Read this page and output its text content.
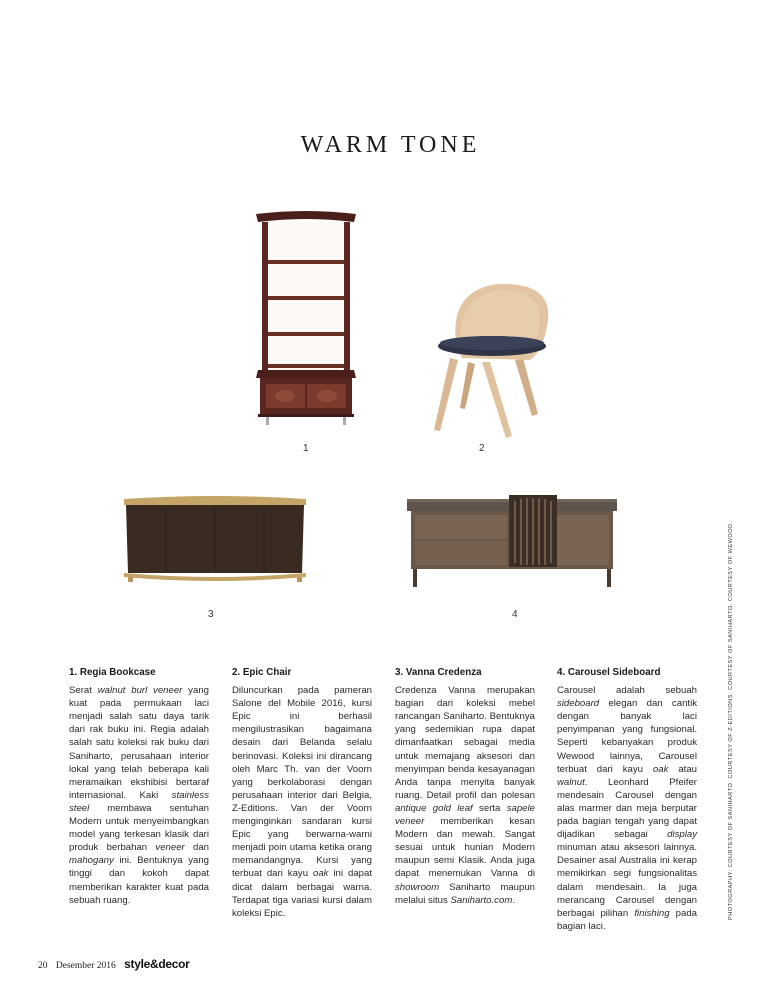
WARM TONE
1	2
3	4
1. Regia Bookcase

Serat walnut burl veneer yang kuat pada permukaan laci menjadi salah satu daya tarik dari rak buku ini. Regia adalah salah satu koleksi rak buku dari Saniharto, perusahaan interior lokal yang telah beberapa kali meramaikan ekshibisi bertaraf internasional. Kaki stainless steel membawa sentuhan Modern untuk menyeimbangkan model yang terkesan klasik dari produk berbahan veneer dan mahogany ini. Bentuknya yang tinggi dan kokoh dapat memberikan karakter kuat pada sebuah ruang.

2. Epic Chair

Diluncurkan pada pameran Salone del Mobile 2016, kursi Epic ini berhasil mengilustrasikan bagaimana desain dari Belanda selalu berinovasi. Koleksi ini dirancang oleh Marc Th. van der Voorn yang berkolaborasi dengan perusahaan interior dari Belgia, Z-Editions. Van der Voorn menginginkan sandaran kursi Epic yang berwarna-warni menjadi poin utama ketika orang memandangnya. Kursi yang terbuat dari kayu oak ini dapat dicat dalam berbagai warna. Terdapat tiga variasi kursi dalam koleksi Epic.

3. Vanna Credenza

Credenza Vanna merupakan bagian dari koleksi mebel rancangan Saniharto. Bentuknya yang sedemikian rupa dapat dimanfaatkan sebagai media untuk memajang aksesori dan menyimpan benda kesayanagan Anda tanpa menyita banyak ruang. Detail profil dan polesan antique gold leaf serta sapele veneer memberikan kesan Modern dan mewah. Sangat sesuai untuk hunian Modern maupun semi Klasik. Anda juga dapat menemukan Vanna di showroom Saniharto maupun melalui situs Saniharto.com.

4. Carousel Sideboard

Carousel adalah sebuah sideboard elegan dan cantik dengan banyak laci penyimpanan yang fungsional. Seperti kebanyakan produk Wewood lainnya, Carousel terbuat dari kayu oak atau walnut. Leonhard Pfeifer mendesain Carousel dengan alas marmer dan meja berputar pada bagian tengah yang dapat dijadikan sebagai display minuman atau aksesori lainnya. Desainer asal Australia ini kerap memikirkan segi fungsionalitas dalam mendesain. Ia juga merancang Carousel dengan berbagai pilihan finishing pada bagian laci.

PHOTOGRAPHY: COURTESY OF SANIHARTO. COURTESY OF Z-EDITIONS. COURTESY OF SANIHARTO. COURTESY OF WEWOOD.
20 Desember 2016 style&decor
